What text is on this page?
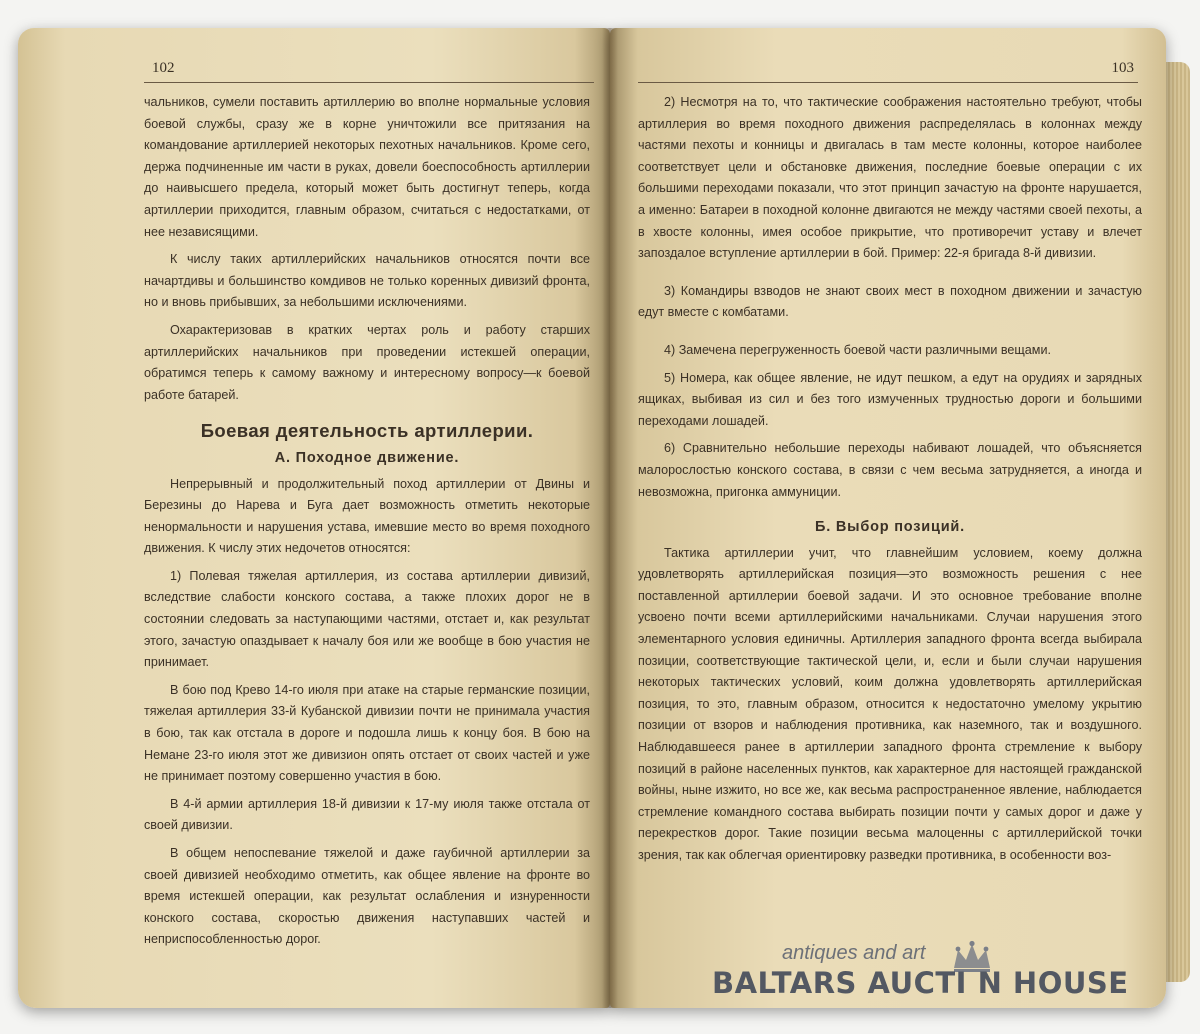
102

чальников, сумели поставить артиллерию во вполне нормальные условия боевой службы, сразу же в корне уничтожили все притязания на командование артиллерией некоторых пехотных начальников. Кроме сего, держа подчиненные им части в руках, довели боеспособность артиллерии до наивысшего предела, который может быть достигнут теперь, когда артиллерии приходится, главным образом, считаться с недостатками, от нее независящими.

К числу таких артиллерийских начальников относятся почти все начартдивы и большинство комдивов не только коренных дивизий фронта, но и вновь прибывших, за небольшими исключениями.

Охарактеризовав в кратких чертах роль и работу старших артиллерийских начальников при проведении истекшей операции, обратимся теперь к самому важному и интересному вопросу—к боевой работе батарей.

Боевая деятельность артиллерии.
А. Походное движение.

Непрерывный и продолжительный поход артиллерии от Двины и Березины до Нарева и Буга дает возможность отметить некоторые ненормальности и нарушения устава, имевшие место во время походного движения. К числу этих недочетов относятся:

1) Полевая тяжелая артиллерия, из состава артиллерии дивизий, вследствие слабости конского состава, а также плохих дорог не в состоянии следовать за наступающими частями, отстает и, как результат этого, зачастую опаздывает к началу боя или же вообще в бою участия не принимает.

В бою под Крево 14-го июля при атаке на старые германские позиции, тяжелая артиллерия 33-й Кубанской дивизии почти не принимала участия в бою, так как отстала в дороге и подошла лишь к концу боя. В бою на Немане 23-го июля этот же дивизион опять отстает от своих частей и уже не принимает поэтому совершенно участия в бою.

В 4-й армии артиллерия 18-й дивизии к 17-му июля также отстала от своей дивизии.

В общем непоспевание тяжелой и даже гаубичной артиллерии за своей дивизией необходимо отметить, как общее явление на фронте во время истекшей операции, как результат ослабления и изнуренности конского состава, скоростью движения наступавших частей и неприспособленностью дорог.

103

2) Несмотря на то, что тактические соображения настоятельно требуют, чтобы артиллерия во время походного движения распределялась в колоннах между частями пехоты и конницы и двигалась в там месте колонны, которое наиболее соответствует цели и обстановке движения, последние боевые операции с их большими переходами показали, что этот принцип зачастую на фронте нарушается, а именно: Батареи в походной колонне двигаются не между частями своей пехоты, а в хвосте колонны, имея особое прикрытие, что противоречит уставу и влечет запоздалое вступление артиллерии в бой. Пример: 22-я бригада 8-й дивизии.

3) Командиры взводов не знают своих мест в походном движении и зачастую едут вместе с комбатами.

4) Замечена перегруженность боевой части различными вещами.

5) Номера, как общее явление, не идут пешком, а едут на орудиях и зарядных ящиках, выбивая из сил и без того измученных трудностью дороги и большими переходами лошадей.

6) Сравнительно небольшие переходы набивают лошадей, что объясняется малорослостью конского состава, в связи с чем весьма затрудняется, а иногда и невозможна, пригонка аммуниции.

Б. Выбор позиций.

Тактика артиллерии учит, что главнейшим условием, коему должна удовлетворять артиллерийская позиция—это возможность решения с нее поставленной артиллерии боевой задачи. И это основное требование вполне усвоено почти всеми артиллерийскими начальниками. Случаи нарушения этого элементарного условия единичны. Артиллерия западного фронта всегда выбирала позиции, соответствующие тактической цели, и, если и были случаи нарушения некоторых тактических условий, коим должна удовлетворять артиллерийская позиция, то это, главным образом, относится к недостаточно умелому укрытию позиции от взоров и наблюдения противника, как наземного, так и воздушного. Наблюдавшееся ранее в артиллерии западного фронта стремление к выбору позиций в районе населенных пунктов, как характерное для настоящей гражданской войны, ныне изжито, но все же, как весьма распространенное явление, наблюдается стремление командного состава выбирать позиции почти у самых дорог и даже у перекрестков дорог. Такие позиции весьма малоценны с артиллерийской точки зрения, так как облегчая ориентировку разведки противника, в особенности воз-

antiques and art
BALTARS AUCTI N HOUSE
